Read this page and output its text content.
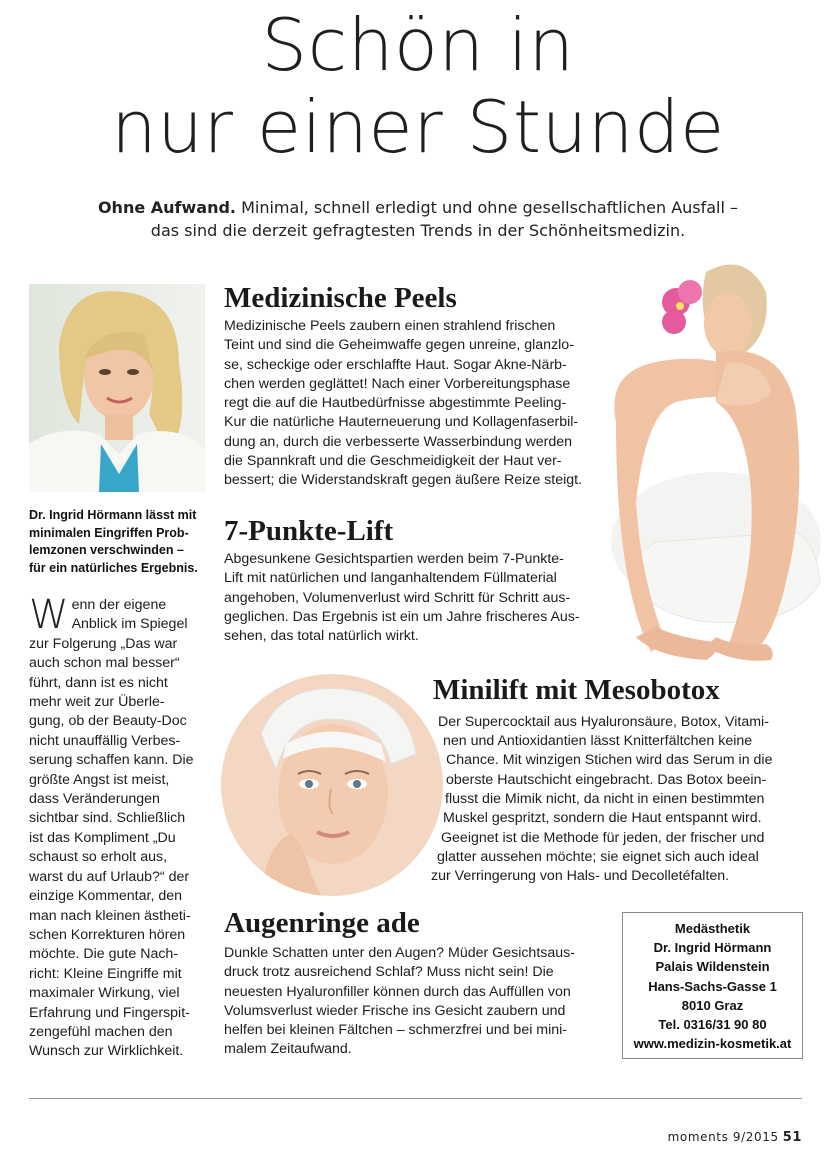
Schön in
nur einer Stunde
Ohne Aufwand. Minimal, schnell erledigt und ohne gesellschaftlichen Ausfall –
das sind die derzeit gefragtesten Trends in der Schönheitsmedizin.
Dr. Ingrid Hörmann lässt mit
minimalen Eingriffen Prob-
lemzonen verschwinden –
für ein natürliches Ergebnis.
W enn der eigene
Anblick im Spiegel
zur Folgerung „Das war
auch schon mal besser“
führt, dann ist es nicht
mehr weit zur Überle-
gung, ob der Beauty-Doc
nicht unauffällig Verbes-
serung schaffen kann. Die
größte Angst ist meist,
dass Veränderungen
sichtbar sind. Schließlich
ist das Kompliment „Du
schaust so erholt aus,
warst du auf Urlaub?“ der
einzige Kommentar, den
man nach kleinen ästheti-
schen Korrekturen hören
möchte. Die gute Nach-
richt: Kleine Eingriffe mit
maximaler Wirkung, viel
Erfahrung und Fingerspit-
zengefühl machen den
Wunsch zur Wirklichkeit.
Medizinische Peels
Medizinische Peels zaubern einen strahlend frischen
Teint und sind die Geheimwaffe gegen unreine, glanzlo-
se, scheckige oder erschlaffte Haut. Sogar Akne-Närb-
chen werden geglättet! Nach einer Vorbereitungsphase
regt die auf die Hautbedürfnisse abgestimmte Peeling-
Kur die natürliche Hauterneuerung und Kollagenfaserbil-
dung an, durch die verbesserte Wasserbindung werden
die Spannkraft und die Geschmeidigkeit der Haut ver-
bessert; die Widerstandskraft gegen äußere Reize steigt.
7-Punkte-Lift
Abgesunkene Gesichtspartien werden beim 7-Punkte-
Lift mit natürlichen und langanhaltendem Füllmaterial
angehoben, Volumenverlust wird Schritt für Schritt aus-
geglichen. Das Ergebnis ist ein um Jahre frischeres Aus-
sehen, das total natürlich wirkt.
Minilift mit Mesobotox
Der Supercocktail aus Hyaluronsäure, Botox, Vitami-
nen und Antioxidantien lässt Knitterfältchen keine
Chance. Mit winzigen Stichen wird das Serum in die
oberste Hautschicht eingebracht. Das Botox beein-
flusst die Mimik nicht, da nicht in einen bestimmten
Muskel gespritzt, sondern die Haut entspannt wird.
Geeignet ist die Methode für jeden, der frischer und
glatter aussehen möchte; sie eignet sich auch ideal
zur Verringerung von Hals- und Decolletéfalten.
Augenringe ade
Dunkle Schatten unter den Augen? Müder Gesichtsaus-
druck trotz ausreichend Schlaf? Muss nicht sein! Die
neuesten Hyaluronfiller können durch das Auffüllen von
Volumsverlust wieder Frische ins Gesicht zaubern und
helfen bei kleinen Fältchen – schmerzfrei und bei mini-
malem Zeitaufwand.
Medästhetik
Dr. Ingrid Hörmann
Palais Wildenstein
Hans-Sachs-Gasse 1
8010 Graz
Tel. 0316/31 90 80
www.medizin-kosmetik.at
moments 9/2015 51
